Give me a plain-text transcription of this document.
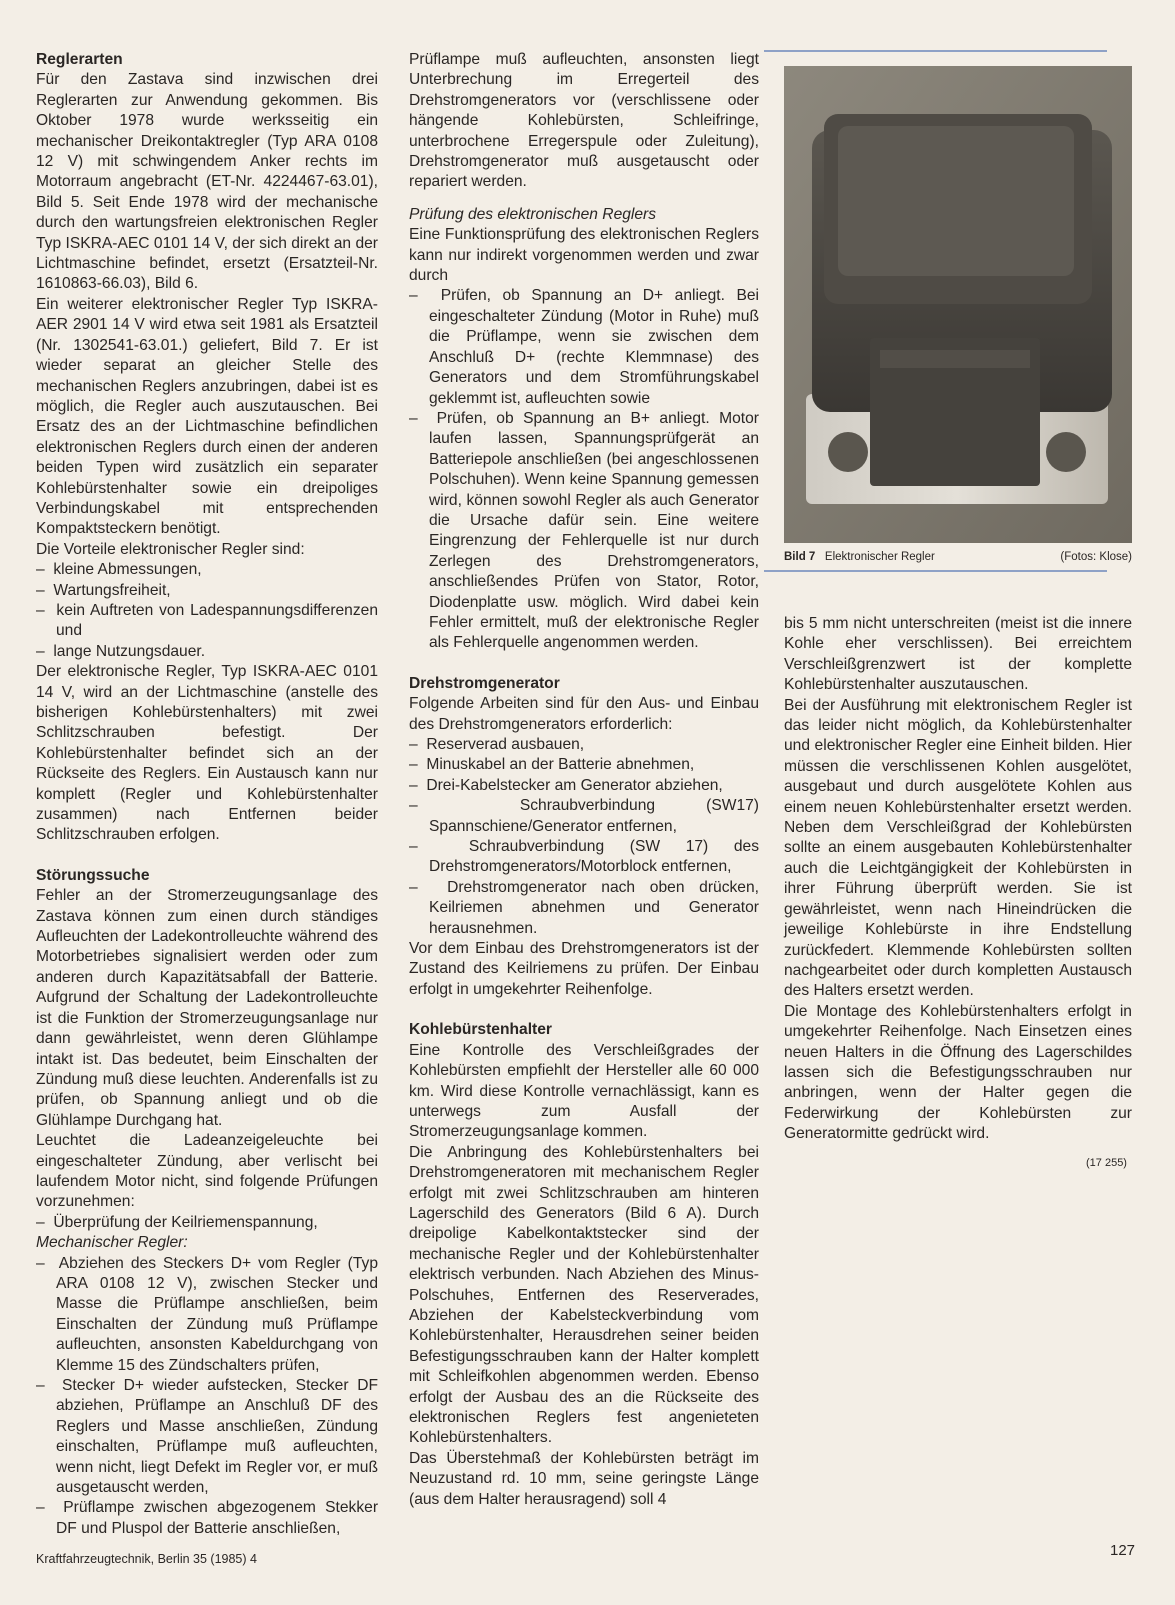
Reglerarten

Für den Zastava sind inzwischen drei Reglerarten zur Anwendung gekommen. Bis Oktober 1978 wurde werksseitig ein mechanischer Dreikontaktregler (Typ ARA 0108 12 V) mit schwingendem Anker rechts im Motorraum angebracht (ET-Nr. 4224467-63.01), Bild 5. Seit Ende 1978 wird der mechanische durch den wartungsfreien elektronischen Regler Typ ISKRA-AEC 0101 14 V, der sich direkt an der Lichtmaschine befindet, ersetzt (Ersatzteil-Nr. 1610863-66.03), Bild 6.

Ein weiterer elektronischer Regler Typ ISKRA-AER 2901 14 V wird etwa seit 1981 als Ersatzteil (Nr. 1302541-63.01.) geliefert, Bild 7. Er ist wieder separat an gleicher Stelle des mechanischen Reglers anzubringen, dabei ist es möglich, die Regler auch auszutauschen. Bei Ersatz des an der Lichtmaschine befindlichen elektronischen Reglers durch einen der anderen beiden Typen wird zusätzlich ein separater Kohlebürstenhalter sowie ein dreipoliges Verbindungskabel mit entsprechenden Kompaktsteckern benötigt.

Die Vorteile elektronischer Regler sind:

–  kleine Abmessungen,
–  Wartungsfreiheit,
–  kein Auftreten von Ladespannungsdifferenzen und
–  lange Nutzungsdauer.

Der elektronische Regler, Typ ISKRA-AEC 0101 14 V, wird an der Lichtmaschine (anstelle des bisherigen Kohlebürstenhalters) mit zwei Schlitzschrauben befestigt. Der Kohlebürstenhalter befindet sich an der Rückseite des Reglers. Ein Austausch kann nur komplett (Regler und Kohlebürstenhalter zusammen) nach Entfernen beider Schlitzschrauben erfolgen.

Störungssuche

Fehler an der Stromerzeugungsanlage des Zastava können zum einen durch ständiges Aufleuchten der Ladekontrolleuchte während des Motorbetriebes signalisiert werden oder zum anderen durch Kapazitätsabfall der Batterie. Aufgrund der Schaltung der Ladekontrolleuchte ist die Funktion der Stromerzeugungsanlage nur dann gewährleistet, wenn deren Glühlampe intakt ist. Das bedeutet, beim Einschalten der Zündung muß diese leuchten. Anderenfalls ist zu prüfen, ob Spannung anliegt und ob die Glühlampe Durchgang hat.

Leuchtet die Ladeanzeigeleuchte bei eingeschalteter Zündung, aber verlischt bei laufendem Motor nicht, sind folgende Prüfungen vorzunehmen:

–  Überprüfung der Keilriemenspannung,
Mechanischer Regler:
–  Abziehen des Steckers D+ vom Regler (Typ ARA 0108 12 V), zwischen Stecker und Masse die Prüflampe anschließen, beim Einschalten der Zündung muß Prüflampe aufleuchten, ansonsten Kabeldurchgang von Klemme 15 des Zündschalters prüfen,
–  Stecker D+ wieder aufstecken, Stecker DF abziehen, Prüflampe an Anschluß DF des Reglers und Masse anschließen, Zündung einschalten, Prüflampe muß aufleuchten, wenn nicht, liegt Defekt im Regler vor, er muß ausgetauscht werden,
–  Prüflampe zwischen abgezogenem Stekker DF und Pluspol der Batterie anschließen,

Prüflampe muß aufleuchten, ansonsten liegt Unterbrechung im Erregerteil des Drehstromgenerators vor (verschlissene oder hängende Kohlebürsten, Schleifringe, unterbrochene Erregerspule oder Zuleitung), Drehstromgenerator muß ausgetauscht oder repariert werden.

Prüfung des elektronischen Reglers

Eine Funktionsprüfung des elektronischen Reglers kann nur indirekt vorgenommen werden und zwar durch

–  Prüfen, ob Spannung an D+ anliegt. Bei eingeschalteter Zündung (Motor in Ruhe) muß die Prüflampe, wenn sie zwischen dem Anschluß D+ (rechte Klemmnase) des Generators und dem Stromführungskabel geklemmt ist, aufleuchten sowie
–  Prüfen, ob Spannung an B+ anliegt. Motor laufen lassen, Spannungsprüfgerät an Batteriepole anschließen (bei angeschlossenen Polschuhen). Wenn keine Spannung gemessen wird, können sowohl Regler als auch Generator die Ursache dafür sein. Eine weitere Eingrenzung der Fehlerquelle ist nur durch Zerlegen des Drehstromgenerators, anschließendes Prüfen von Stator, Rotor, Diodenplatte usw. möglich. Wird dabei kein Fehler ermittelt, muß der elektronische Regler als Fehlerquelle angenommen werden.
Drehstromgenerator

Folgende Arbeiten sind für den Aus- und Einbau des Drehstromgenerators erforderlich:

–  Reserverad ausbauen,
–  Minuskabel an der Batterie abnehmen,
–  Drei-Kabelstecker am Generator abziehen,
–  Schraubverbindung (SW17) Spannschiene/Generator entfernen,
–  Schraubverbindung (SW 17) des Drehstromgenerators/Motorblock entfernen,
–  Drehstromgenerator nach oben drücken, Keilriemen abnehmen und Generator herausnehmen.

Vor dem Einbau des Drehstromgenerators ist der Zustand des Keilriemens zu prüfen. Der Einbau erfolgt in umgekehrter Reihenfolge.

Kohlebürstenhalter

Eine Kontrolle des Verschleißgrades der Kohlebürsten empfiehlt der Hersteller alle 60 000 km. Wird diese Kontrolle vernachlässigt, kann es unterwegs zum Ausfall der Stromerzeugungsanlage kommen.

Die Anbringung des Kohlebürstenhalters bei Drehstromgeneratoren mit mechanischem Regler erfolgt mit zwei Schlitzschrauben am hinteren Lagerschild des Generators (Bild 6 A). Durch dreipolige Kabelkontaktstecker sind der mechanische Regler und der Kohlebürstenhalter elektrisch verbunden. Nach Abziehen des Minus-Polschuhes, Entfernen des Reserverades, Abziehen der Kabelsteckverbindung vom Kohlebürstenhalter, Herausdrehen seiner beiden Befestigungsschrauben kann der Halter komplett mit Schleifkohlen abgenommen werden. Ebenso erfolgt der Ausbau des an die Rückseite des elektronischen Reglers fest angenieteten Kohlebürstenhalters.

Das Überstehmaß der Kohlebürsten beträgt im Neuzustand rd. 10 mm, seine geringste Länge (aus dem Halter herausragend) soll 4

Bild 7 Elektronischer Regler	(Fotos: Klose)

bis 5 mm nicht unterschreiten (meist ist die innere Kohle eher verschlissen). Bei erreichtem Verschleißgrenzwert ist der komplette Kohlebürstenhalter auszutauschen.

Bei der Ausführung mit elektronischem Regler ist das leider nicht möglich, da Kohlebürstenhalter und elektronischer Regler eine Einheit bilden. Hier müssen die verschlissenen Kohlen ausgelötet, ausgebaut und durch ausgelötete Kohlen aus einem neuen Kohlebürstenhalter ersetzt werden. Neben dem Verschleißgrad der Kohlebürsten sollte an einem ausgebauten Kohlebürstenhalter auch die Leichtgängigkeit der Kohlebürsten in ihrer Führung überprüft werden. Sie ist gewährleistet, wenn nach Hineindrücken die jeweilige Kohlebürste in ihre Endstellung zurückfedert. Klemmende Kohlebürsten sollten nachgearbeitet oder durch kompletten Austausch des Halters ersetzt werden.

Die Montage des Kohlebürstenhalters erfolgt in umgekehrter Reihenfolge. Nach Einsetzen eines neuen Halters in die Öffnung des Lagerschildes lassen sich die Befestigungsschrauben nur anbringen, wenn der Halter gegen die Federwirkung der Kohlebürsten zur Generatormitte gedrückt wird.

(17 255)
Kraftfahrzeugtechnik, Berlin 35 (1985) 4	127
